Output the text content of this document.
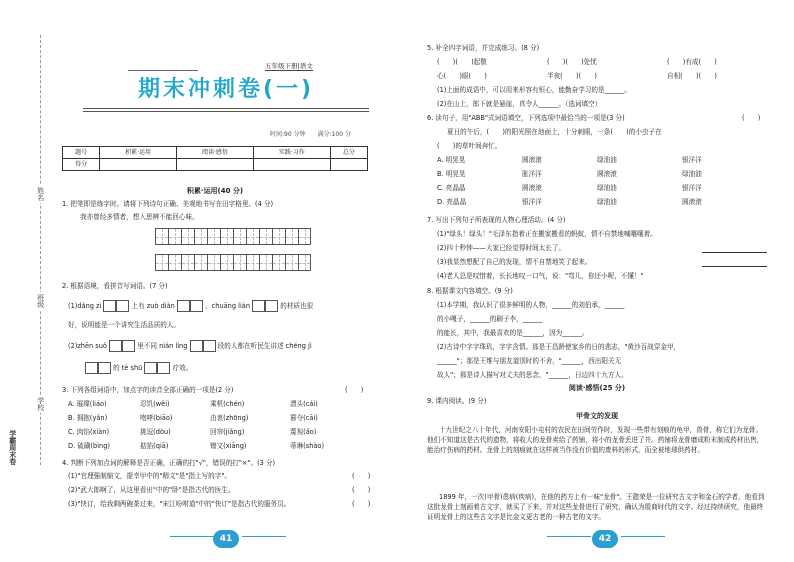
姓名
班级
学校
学霸周末卷
五年级下册|语文
期末冲刺卷(一)
时间:90 分钟　　满分:100 分
题号	积累·运用	阅读·感悟	实践·习作	总分
得分				
积累·运用(40 分)
1. 把笔即是练字时。请将下列诗句正确、美观地书写在田字格里。(4 分)
我亦曾经多情者，想入思辨不能回心味。
2. 根据语境，看拼音写词语。(7 分)
(1)dǎng zi	上有 zuò diàn	，chuāng lián	的材质也很
好，说明能是一个讲究生活品质的人。
(2)zhēn suǒ	里不同 nián líng	段的人都在听民生讲述 chéng jì
的 tè shū	疗效。
3. 下列各组词语中，加点字的读音全部正确的一项是(2 分)	(　　)
A. 璀璨(liáo)	忍饥(wěi)	乘机(chén)	漂头(cái)
B. 拥抱(yǎn)	咆哮(biāo)	由衷(zhōng)	篡夺(cāi)
C. 肉馅(xiàn)	挑逗(dòu)	回帘(jiǎng)	蔑视(ǎo)
D. 硫磺(bìng)	掂掐(qiā)	镣文(xiāng)	蒂琳(shào)
4. 判断下列加点词的解释是否正确，正确的打"√"，错误的打"×"。(3 分)
(1)"官理强制缩文，提幸甲中的"精文"是"指上写的字"。	(　　)
(2)"武大郎啊了，从这里看出"中的"卧"是指古代的医生。	(　　)
(3)"快订，给我剩两碗茶过来，"宋江吩咐道"中的"快订"是指古代的服务员。	(　　)
41
5. 补全四字词语，并完成练习。(8 分)
(　　)(　　)起敬	(　　)(　　)处忧	(　　)有成(　　)
心(　　)眼(　　)	半夜(　　)(　　)	自相(　　)(　　)
(1)上面的成语中，可以用来形容有恒心，能勤奋学习的是______。
(2)在山上，郎下就是悬崖，真令人______。（选词填空）
6. 读句子，用"ABB"式词语填空，下列选项中最恰当的一项是(3 分)	(　　)
夏日的午后，(　　)的阳光照在池面上，十分刺眼，一条(　　)的小虫子在
(　　)的草叶间奔忙。
A. 明晃晃	圆滚滚	绿油油	银洋洋
B. 明晃晃	胀洋洋	圆滚滚	绿油油
C. 亮晶晶	圆滚滚	绿油油	银洋洋
D. 亮晶晶	银洋洋	绿油油	圆滚滚
7. 写出下列句子所表现的人物心理活动。(4 分)
(1)"绿头！绿头！"毛泽东指着正在搬家搬看的蚂蚁，情不自禁地喊嚷嚷着。
(2)四十秒钟——大家已经觉得时间太长了。
(3)我显然想配了自己的发现，情不自禁地笑了起来。
(4)老人总是叹惜着，长长地叹一口气，说："弯儿，你还小呢，不懂！"
8. 根据课文内容填空。(9 分)
(1)本学期，我认识了很多鲜明的人物，______的刘伯承，______
的小嘎子，______的刷子李，______
的能长，其中，我最喜欢的是______，因为______。
(2)古诗中字字珠玑，字字含情。那是王昌龄使家乡的日的悲志，"黄沙百战穿金甲，
______"；那是王维与朋友道别时的不舍，"______，西出阳关无
故人"；那是诗人描写对丈夫的思念，"______，日边四十九方人。
阅读·感悟(25 分)
9. 课内阅读。(9 分)
甲骨文的发现
十九世纪之八十年代，河南安阳小屯村的农民在田间劳作时，发现一些带有刻痕的龟甲，兽骨，称它们为龙骨。他们不知道这是古代的遗物，将收大的龙骨卖给了药铺，将小的龙骨丢进了井。药铺将龙骨磨成粉末制成药材出售，能治疗伤病的药材。龙骨上的刻痕就在这样被当作没有价值的废料的形式，而全被地球供药材。
1899 年，一次(甲骨)患病(疾病)，在他的药方上有一味"龙骨"。王懿荣是一位研究古文字和金石的学者，他看到这批龙骨上刻画着古文字，就买了下来，并对这些龙骨进行了研究，确认为殷商时代的文字。经过持续研究，他最终证明龙骨上的这些古文字是比金文更古老的一种古老的文字。
42
